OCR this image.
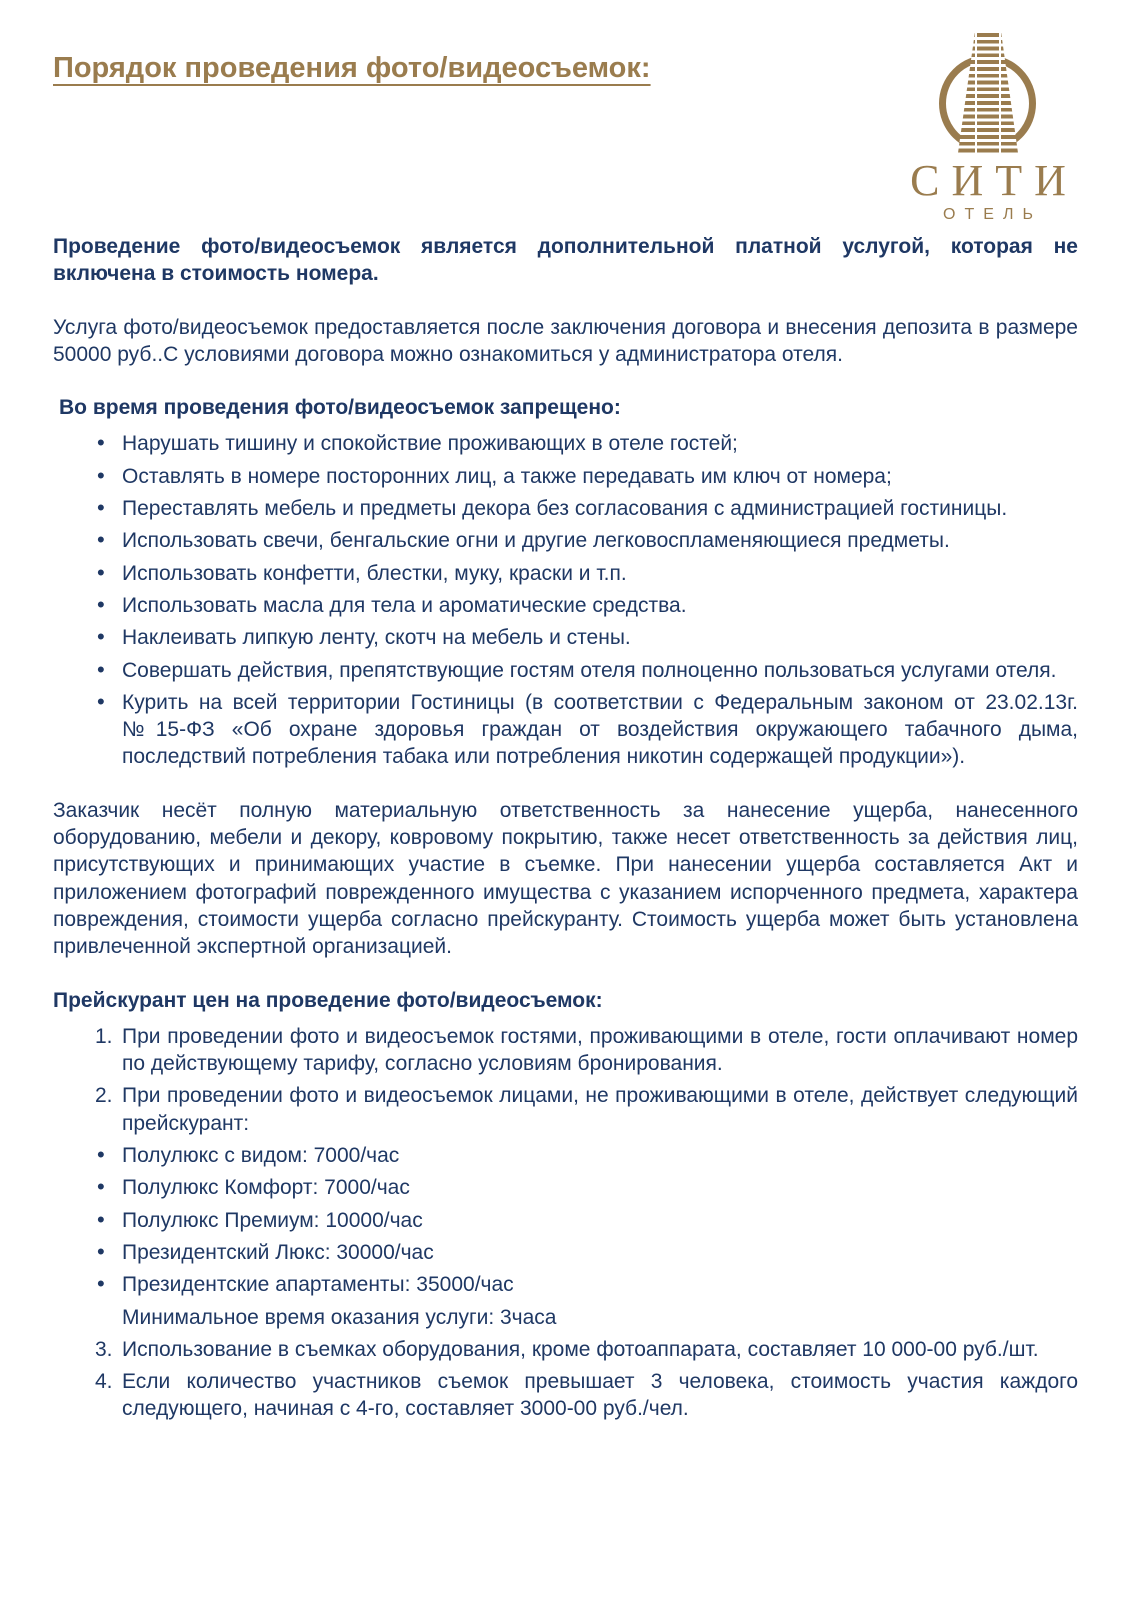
Порядок проведения фото/видеосъемок:
СИТИ
ОТЕЛЬ

Проведение фото/видеосъемок является дополнительной платной услугой, которая не включена в стоимость номера.

Услуга фото/видеосъемок предоставляется после заключения договора и внесения депозита в размере 50000 руб..С условиями договора можно ознакомиться у администратора отеля.

Во время проведения фото/видеосъемок запрещено:
• Нарушать тишину и спокойствие проживающих в отеле гостей;
• Оставлять в номере посторонних лиц, а также передавать им ключ от номера;
• Переставлять мебель и предметы декора без согласования с администрацией гостиницы.
• Использовать свечи, бенгальские огни и другие легковоспламеняющиеся предметы.
• Использовать конфетти, блестки, муку, краски и т.п.
• Использовать масла для тела и ароматические средства.
• Наклеивать липкую ленту, скотч на мебель и стены.
• Совершать действия, препятствующие гостям отеля полноценно пользоваться услугами отеля.
• Курить на всей территории Гостиницы (в соответствии с Федеральным законом от 23.02.13г.№15-ФЗ «Об охране здоровья граждан от воздействия окружающего табачного дыма, последствий потребления табака или потребления никотин содержащей продукции»).

Заказчик несёт полную материальную ответственность за нанесение ущерба, нанесенного оборудованию, мебели и декору, ковровому покрытию, также несет ответственность за действия лиц, присутствующих и принимающих участие в съемке. При нанесении ущерба составляется Акт и приложением фотографий поврежденного имущества с указанием испорченного предмета, характера повреждения, стоимости ущерба согласно прейскуранту. Стоимость ущерба может быть установлена привлеченной экспертной организацией.

Прейскурант цен на проведение фото/видеосъемок:
1. При проведении фото и видеосъемок гостями, проживающими в отеле, гости оплачивают номер по действующему тарифу, согласно условиям бронирования.
2. При проведении фото и видеосъемок лицами, не проживающими в отеле, действует следующий прейскурант:
• Полулюкс с видом: 7000/час
• Полулюкс Комфорт: 7000/час
• Полулюкс Премиум: 10000/час
• Президентский Люкс: 30000/час
• Президентские апартаменты: 35000/час
Минимальное время оказания услуги: 3часа
3. Использование в съемках оборудования, кроме фотоаппарата, составляет 10 000-00 руб./шт.
4. Если количество участников съемок превышает 3 человека, стоимость участия каждого следующего, начиная с 4-го, составляет 3000-00 руб./чел.
